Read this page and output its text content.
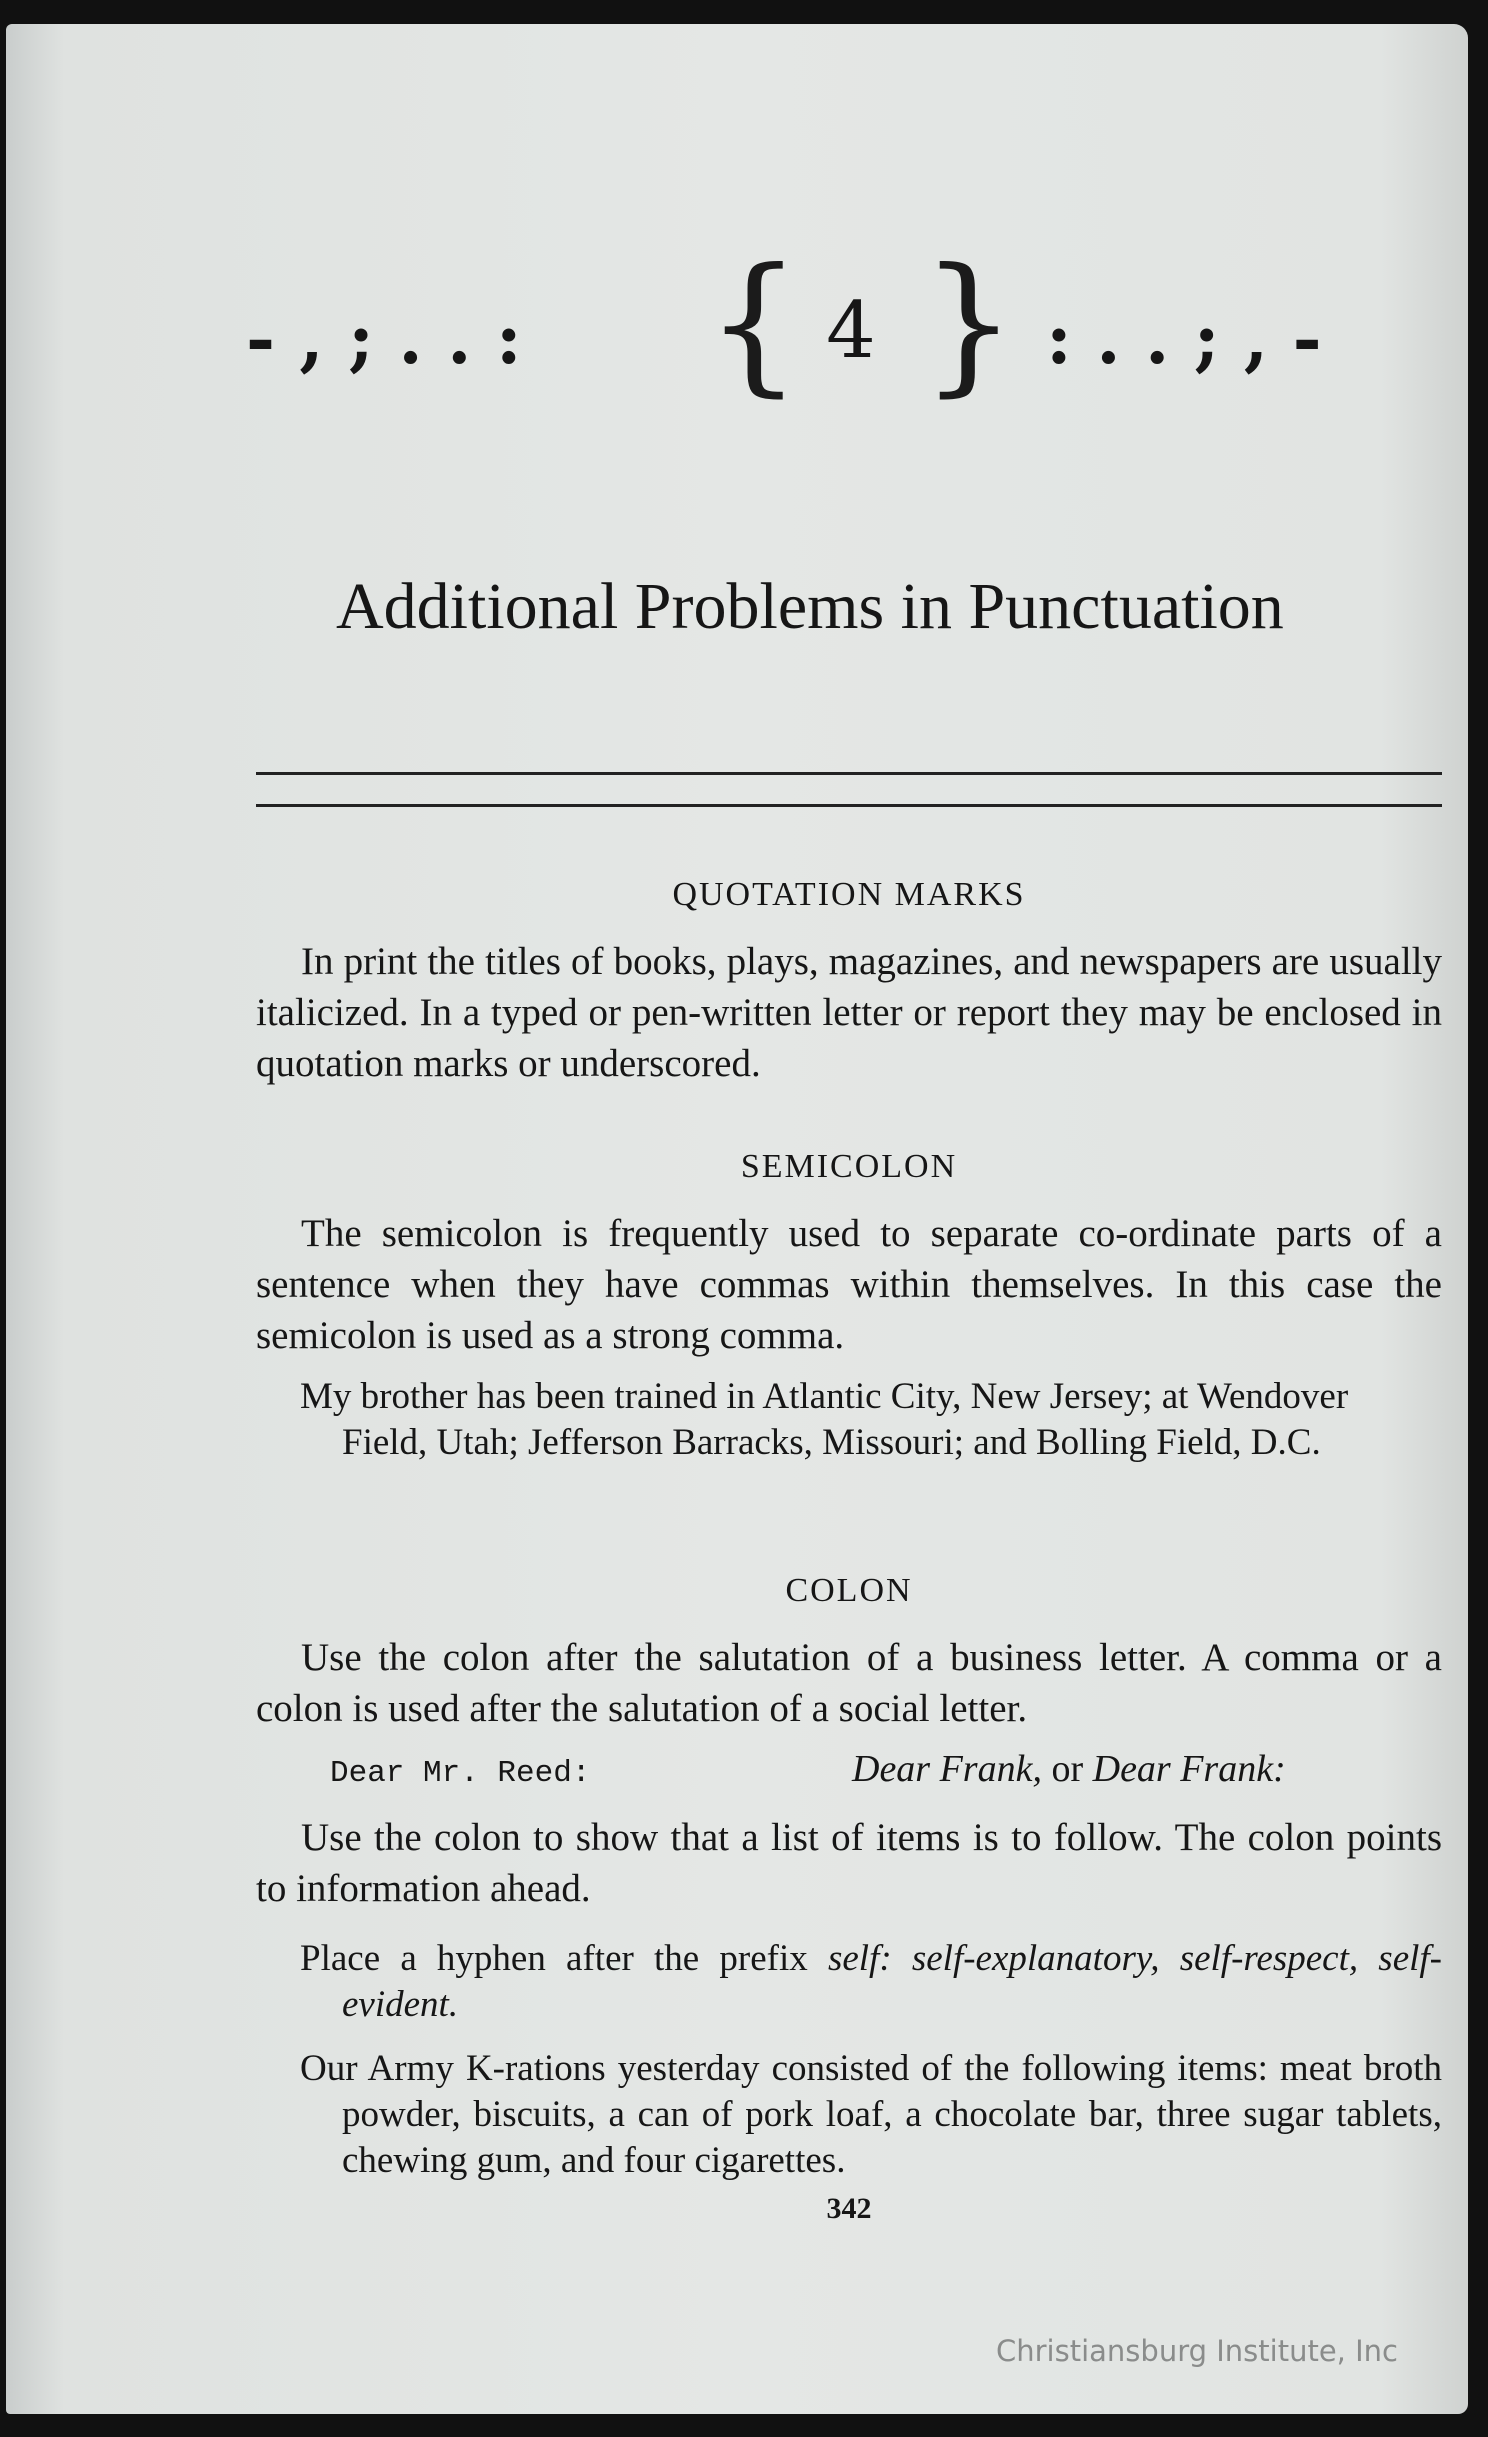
- , ; . . : { 4 } : . . ; , -
Additional Problems in Punctuation
QUOTATION MARKS
In print the titles of books, plays, magazines, and newspapers are usually italicized. In a typed or pen-written letter or report they may be enclosed in quotation marks or underscored.
SEMICOLON
The semicolon is frequently used to separate co-ordinate parts of a sentence when they have commas within themselves. In this case the semicolon is used as a strong comma.
My brother has been trained in Atlantic City, New Jersey; at Wendover Field, Utah; Jefferson Barracks, Missouri; and Bolling Field, D.C.
COLON
Use the colon after the salutation of a business letter. A comma or a colon is used after the salutation of a social letter.
Dear Mr. Reed:	Dear Frank, or Dear Frank:
Use the colon to show that a list of items is to follow. The colon points to information ahead.
Place a hyphen after the prefix self: self-explanatory, self-respect, self-evident.
Our Army K-rations yesterday consisted of the following items: meat broth powder, biscuits, a can of pork loaf, a chocolate bar, three sugar tablets, chewing gum, and four cigarettes.
342
Christiansburg Institute, Inc
